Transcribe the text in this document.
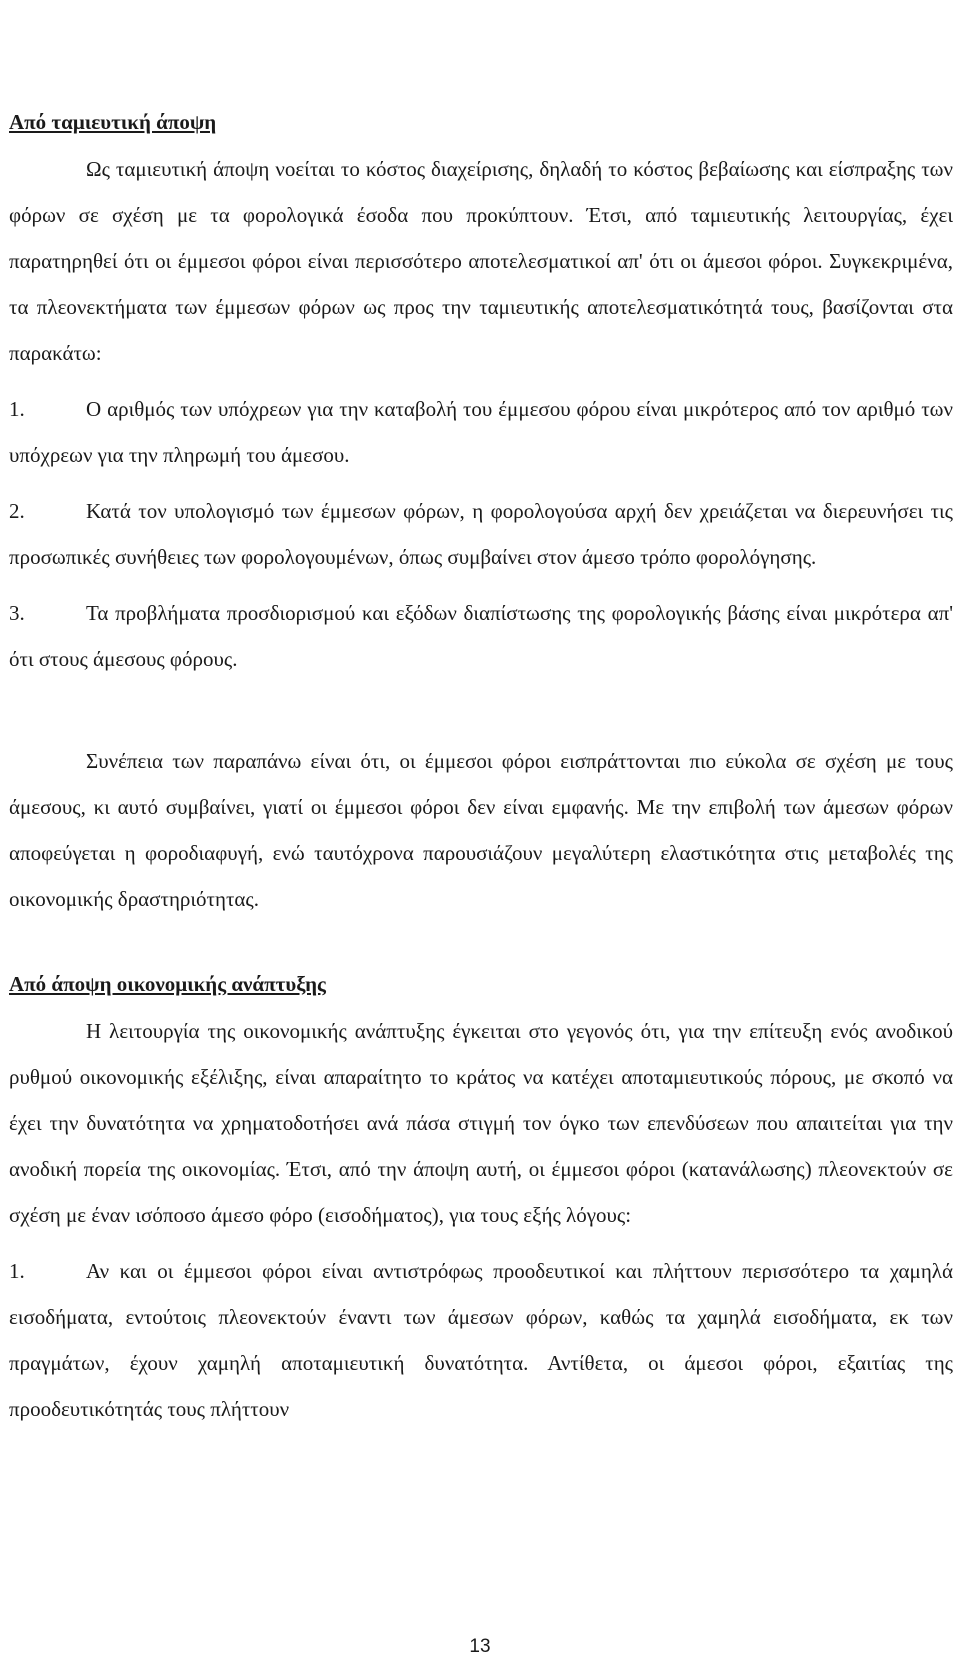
Από ταμιευτική άποψη

Ως ταμιευτική άποψη νοείται το κόστος διαχείρισης, δηλαδή το κόστος βεβαίωσης και είσπραξης των φόρων σε σχέση με τα φορολογικά έσοδα που προκύπτουν. Έτσι, από ταμιευτικής λειτουργίας, έχει παρατηρηθεί ότι οι έμμεσοι φόροι είναι περισσότερο αποτελεσματικοί απ' ότι οι άμεσοι φόροι. Συγκεκριμένα, τα πλεονεκτήματα των έμμεσων φόρων ως προς την ταμιευτικής αποτελεσματικότητά τους, βασίζονται στα παρακάτω:

1.	Ο αριθμός των υπόχρεων για την καταβολή του έμμεσου φόρου είναι μικρότερος από τον αριθμό των υπόχρεων για την πληρωμή του άμεσου.

2.	Κατά τον υπολογισμό των έμμεσων φόρων, η φορολογούσα αρχή δεν χρειάζεται να διερευνήσει τις προσωπικές συνήθειες των φορολογουμένων, όπως συμβαίνει στον άμεσο τρόπο φορολόγησης.

3.	Τα προβλήματα προσδιορισμού και εξόδων διαπίστωσης της φορολογικής βάσης είναι μικρότερα απ' ότι στους άμεσους φόρους.

Συνέπεια των παραπάνω είναι ότι, οι έμμεσοι φόροι εισπράττονται πιο εύκολα σε σχέση με τους άμεσους, κι αυτό συμβαίνει, γιατί οι έμμεσοι φόροι δεν είναι εμφανής. Με την επιβολή των άμεσων φόρων αποφεύγεται η φοροδιαφυγή, ενώ ταυτόχρονα παρουσιάζουν μεγαλύτερη ελαστικότητα στις μεταβολές της οικονομικής δραστηριότητας.

Από άποψη οικονομικής ανάπτυξης

Η λειτουργία της οικονομικής ανάπτυξης έγκειται στο γεγονός ότι, για την επίτευξη ενός ανοδικού ρυθμού οικονομικής εξέλιξης, είναι απαραίτητο το κράτος να κατέχει αποταμιευτικούς πόρους, με σκοπό να έχει την δυνατότητα να χρηματοδοτήσει ανά πάσα στιγμή τον όγκο των επενδύσεων που απαιτείται για την ανοδική πορεία της οικονομίας. Έτσι, από την άποψη αυτή, οι έμμεσοι φόροι (κατανάλωσης) πλεονεκτούν σε σχέση με έναν ισόποσο άμεσο φόρο (εισοδήματος), για τους εξής λόγους:

1.	Αν και οι έμμεσοι φόροι είναι αντιστρόφως προοδευτικοί και πλήττουν περισσότερο τα χαμηλά εισοδήματα, εντούτοις πλεονεκτούν έναντι των άμεσων φόρων, καθώς τα χαμηλά εισοδήματα, εκ των πραγμάτων, έχουν χαμηλή αποταμιευτική δυνατότητα. Αντίθετα, οι άμεσοι φόροι, εξαιτίας της προοδευτικότητάς τους πλήττουν

13
